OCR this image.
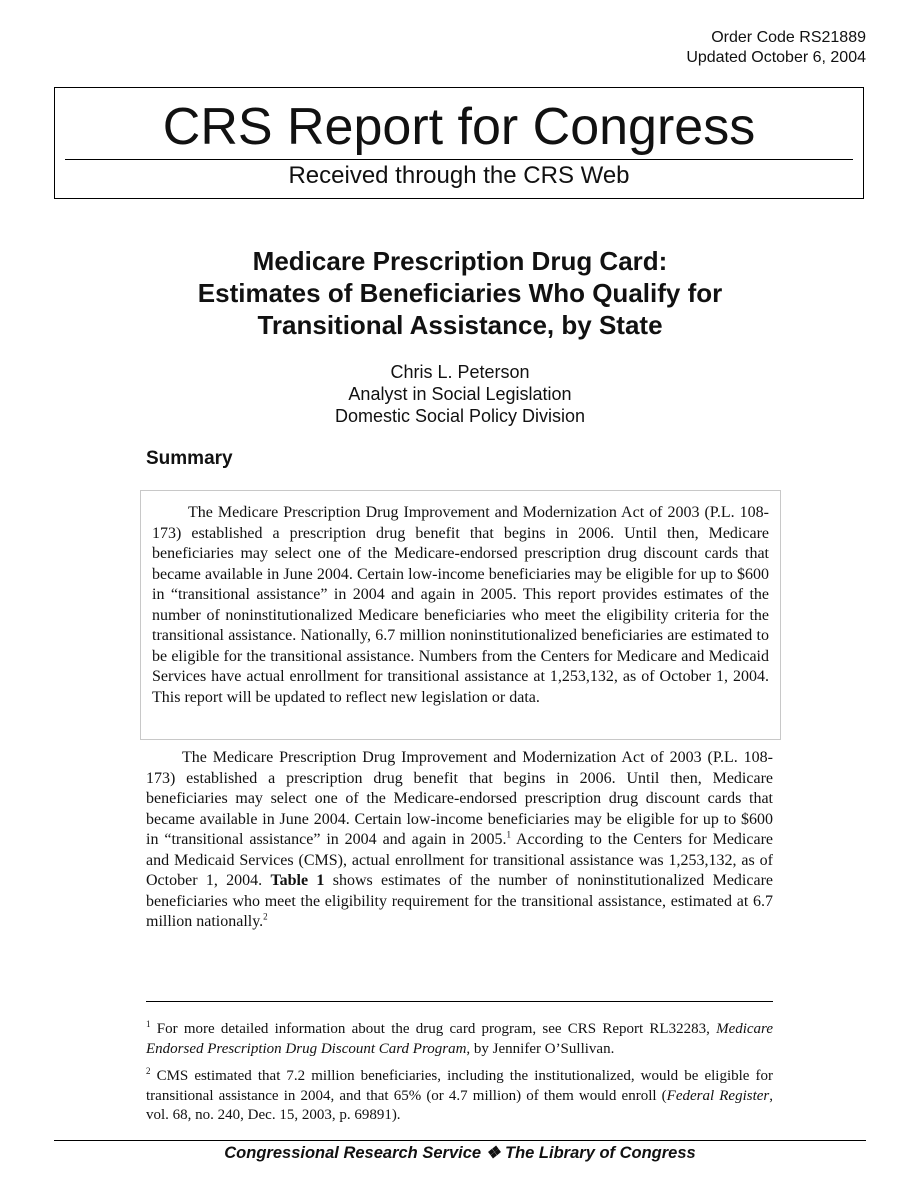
Order Code RS21889
Updated October 6, 2004
CRS Report for Congress
Received through the CRS Web
Medicare Prescription Drug Card:
Estimates of Beneficiaries Who Qualify for
Transitional Assistance, by State
Chris L. Peterson
Analyst in Social Legislation
Domestic Social Policy Division
Summary

The Medicare Prescription Drug Improvement and Modernization Act of 2003 (P.L. 108-173) established a prescription drug benefit that begins in 2006. Until then, Medicare beneficiaries may select one of the Medicare-endorsed prescription drug discount cards that became available in June 2004. Certain low-income beneficiaries may be eligible for up to $600 in “transitional assistance” in 2004 and again in 2005. This report provides estimates of the number of noninstitutionalized Medicare beneficiaries who meet the eligibility criteria for the transitional assistance. Nationally, 6.7 million noninstitutionalized beneficiaries are estimated to be eligible for the transitional assistance. Numbers from the Centers for Medicare and Medicaid Services have actual enrollment for transitional assistance at 1,253,132, as of October 1, 2004. This report will be updated to reflect new legislation or data.

The Medicare Prescription Drug Improvement and Modernization Act of 2003 (P.L. 108-173) established a prescription drug benefit that begins in 2006. Until then, Medicare beneficiaries may select one of the Medicare-endorsed prescription drug discount cards that became available in June 2004. Certain low-income beneficiaries may be eligible for up to $600 in “transitional assistance” in 2004 and again in 2005.$^1$ According to the Centers for Medicare and Medicaid Services (CMS), actual enrollment for transitional assistance was 1,253,132, as of October 1, 2004. Table 1 shows estimates of the number of noninstitutionalized Medicare beneficiaries who meet the eligibility requirement for the transitional assistance, estimated at 6.7 million nationally.$^2$

$^1$ For more detailed information about the drug card program, see CRS Report RL32283, Medicare Endorsed Prescription Drug Discount Card Program, by Jennifer O’Sullivan.

$^2$ CMS estimated that 7.2 million beneficiaries, including the institutionalized, would be eligible for transitional assistance in 2004, and that 65% (or 4.7 million) of them would enroll (Federal Register, vol. 68, no. 240, Dec. 15, 2003, p. 69891).

Congressional Research Service ❖ The Library of Congress
